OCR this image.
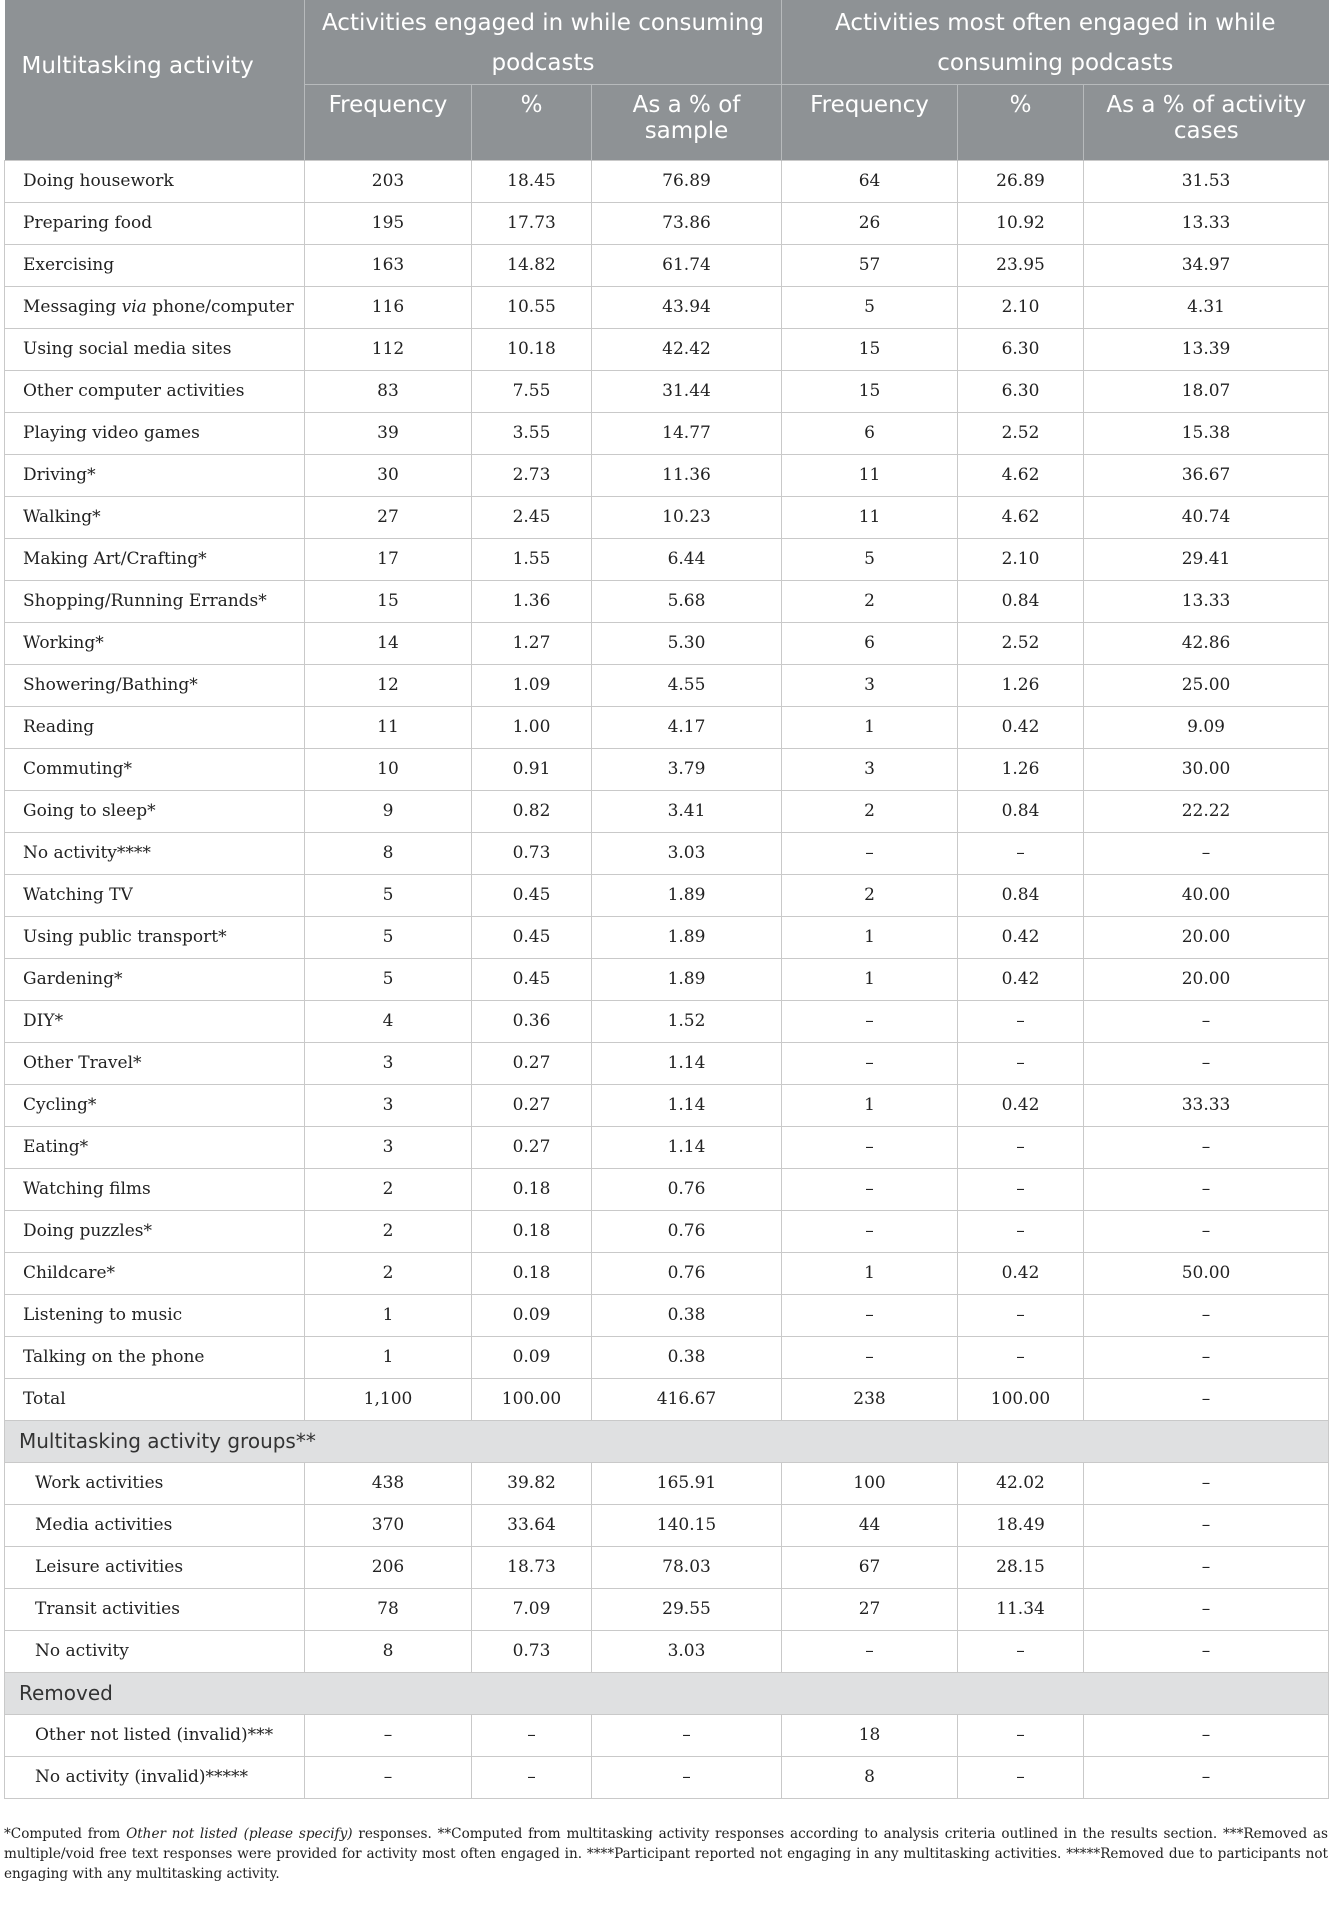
Multitasking activity	Activities engaged in while consuming podcasts			Activities most often engaged in while consuming podcasts		
	Frequency	%	As a % of sample	Frequency	%	As a % of activity cases
Doing housework	203	18.45	76.89	64	26.89	31.53
Preparing food	195	17.73	73.86	26	10.92	13.33
Exercising	163	14.82	61.74	57	23.95	34.97
Messaging via phone/computer	116	10.55	43.94	5	2.10	4.31
Using social media sites	112	10.18	42.42	15	6.30	13.39
Other computer activities	83	7.55	31.44	15	6.30	18.07
Playing video games	39	3.55	14.77	6	2.52	15.38
Driving*	30	2.73	11.36	11	4.62	36.67
Walking*	27	2.45	10.23	11	4.62	40.74
Making Art/Crafting*	17	1.55	6.44	5	2.10	29.41
Shopping/Running Errands*	15	1.36	5.68	2	0.84	13.33
Working*	14	1.27	5.30	6	2.52	42.86
Showering/Bathing*	12	1.09	4.55	3	1.26	25.00
Reading	11	1.00	4.17	1	0.42	9.09
Commuting*	10	0.91	3.79	3	1.26	30.00
Going to sleep*	9	0.82	3.41	2	0.84	22.22
No activity****	8	0.73	3.03	–	–	–
Watching TV	5	0.45	1.89	2	0.84	40.00
Using public transport*	5	0.45	1.89	1	0.42	20.00
Gardening*	5	0.45	1.89	1	0.42	20.00
DIY*	4	0.36	1.52	–	–	–
Other Travel*	3	0.27	1.14	–	–	–
Cycling*	3	0.27	1.14	1	0.42	33.33
Eating*	3	0.27	1.14	–	–	–
Watching films	2	0.18	0.76	–	–	–
Doing puzzles*	2	0.18	0.76	–	–	–
Childcare*	2	0.18	0.76	1	0.42	50.00
Listening to music	1	0.09	0.38	–	–	–
Talking on the phone	1	0.09	0.38	–	–	–
Total	1,100	100.00	416.67	238	100.00	–
Multitasking activity groups**						
Work activities	438	39.82	165.91	100	42.02	–
Media activities	370	33.64	140.15	44	18.49	–
Leisure activities	206	18.73	78.03	67	28.15	–
Transit activities	78	7.09	29.55	27	11.34	–
No activity	8	0.73	3.03	–	–	–
Removed						
Other not listed (invalid)***	–	–	–	18	–	–
No activity (invalid)*****	–	–	–	8	–	–
*Computed from Other not listed (please specify) responses. **Computed from multitasking activity responses according to analysis criteria outlined in the results section. ***Removed as multiple/void free text responses were provided for activity most often engaged in. ****Participant reported not engaging in any multitasking activities. *****Removed due to participants not engaging with any multitasking activity.
